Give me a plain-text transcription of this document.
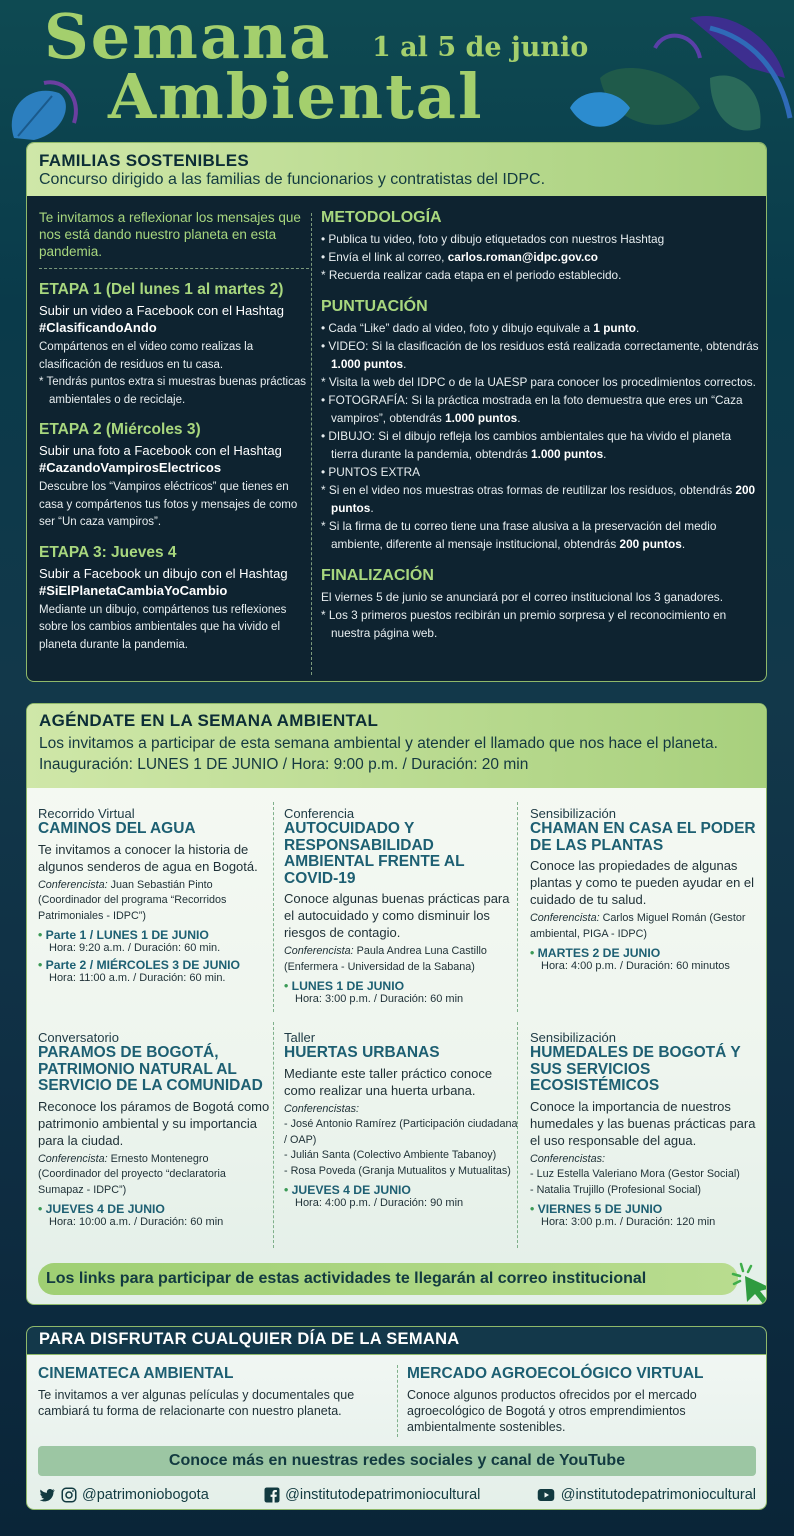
Semana 1 al 5 de junio
Ambiental
FAMILIAS SOSTENIBLES

Concurso dirigido a las familias de funcionarios y contratistas del IDPC.

Te invitamos a reflexionar los mensajes que nos está dando nuestro planeta en esta pandemia.
ETAPA 1 (Del lunes 1 al martes 2)
Subir un video a Facebook con el Hashtag #ClasificandoAndo
Compártenos en el video como realizas la clasificación de residuos en tu casa.
* Tendrás puntos extra si muestras buenas prácticas ambientales o de reciclaje.
ETAPA 2 (Miércoles 3)
Subir una foto a Facebook con el Hashtag #CazandoVampirosElectricos
Descubre los “Vampiros eléctricos” que tienes en casa y compártenos tus fotos y mensajes de como ser “Un caza vampiros”.
ETAPA 3: Jueves 4
Subir a Facebook un dibujo con el Hashtag #SiElPlanetaCambiaYoCambio
Mediante un dibujo, compártenos tus reflexiones sobre los cambios ambientales que ha vivido el planeta durante la pandemia.
METODOLOGÍA
• Publica tu video, foto y dibujo etiquetados con nuestros Hashtag
• Envía el link al correo, carlos.roman@idpc.gov.co
* Recuerda realizar cada etapa en el periodo establecido.
PUNTUACIÓN
• Cada “Like” dado al video, foto y dibujo equivale a 1 punto.
• VIDEO: Si la clasificación de los residuos está realizada correctamente, obtendrás 1.000 puntos.
* Visita la web del IDPC o de la UAESP para conocer los procedimientos correctos.
• FOTOGRAFÍA: Si la práctica mostrada en la foto demuestra que eres un “Caza vampiros”, obtendrás 1.000 puntos.
• DIBUJO: Si el dibujo refleja los cambios ambientales que ha vivido el planeta tierra durante la pandemia, obtendrás 1.000 puntos.
• PUNTOS EXTRA
* Si en el video nos muestras otras formas de reutilizar los residuos, obtendrás 200 puntos.
* Si la firma de tu correo tiene una frase alusiva a la preservación del medio ambiente, diferente al mensaje institucional, obtendrás 200 puntos.
FINALIZACIÓN
El viernes 5 de junio se anunciará por el correo institucional los 3 ganadores.
* Los 3 primeros puestos recibirán un premio sorpresa y el reconocimiento en nuestra página web.
AGÉNDATE EN LA SEMANA AMBIENTAL

Los invitamos a participar de esta semana ambiental y atender el llamado que nos hace el planeta.

Inauguración: LUNES 1 DE JUNIO / Hora: 9:00 p.m. / Duración: 20 min

Recorrido Virtual
CAMINOS DEL AGUA
Te invitamos a conocer la historia de algunos senderos de agua en Bogotá.
Conferencista: Juan Sebastián Pinto (Coordinador del programa “Recorridos Patrimoniales - IDPC”)
• Parte 1 / LUNES 1 DE JUNIO
Hora: 9:20 a.m. / Duración: 60 min.
• Parte 2 / MIÉRCOLES 3 DE JUNIO
Hora: 11:00 a.m. / Duración: 60 min.
Conferencia
AUTOCUIDADO Y RESPONSABILIDAD AMBIENTAL FRENTE AL COVID-19
Conoce algunas buenas prácticas para el autocuidado y como disminuir los riesgos de contagio.
Conferencista: Paula Andrea Luna Castillo (Enfermera - Universidad de la Sabana)
• LUNES 1 DE JUNIO
Hora: 3:00 p.m. / Duración: 60 min
Sensibilización
CHAMAN EN CASA EL PODER DE LAS PLANTAS
Conoce las propiedades de algunas plantas y como te pueden ayudar en el cuidado de tu salud.
Conferencista: Carlos Miguel Román (Gestor ambiental, PIGA - IDPC)
• MARTES 2 DE JUNIO
Hora: 4:00 p.m. / Duración: 60 minutos
Conversatorio
PARAMOS DE BOGOTÁ, PATRIMONIO NATURAL AL SERVICIO DE LA COMUNIDAD
Reconoce los páramos de Bogotá como patrimonio ambiental y su importancia para la ciudad.
Conferencista: Ernesto Montenegro (Coordinador del proyecto “declaratoria Sumapaz - IDPC”)
• JUEVES 4 DE JUNIO
Hora: 10:00 a.m. / Duración: 60 min
Taller
HUERTAS URBANAS
Mediante este taller práctico conoce como realizar una huerta urbana.
Conferencistas:
- José Antonio Ramírez (Participación ciudadana / OAP)
- Julián Santa (Colectivo Ambiente Tabanoy)
- Rosa Poveda (Granja Mutualitos y Mutualitas)
• JUEVES 4 DE JUNIO
Hora: 4:00 p.m. / Duración: 90 min
Sensibilización
HUMEDALES DE BOGOTÁ Y SUS SERVICIOS ECOSISTÉMICOS
Conoce la importancia de nuestros humedales y las buenas prácticas para el uso responsable del agua.
Conferencistas:
- Luz Estella Valeriano Mora (Gestor Social)
- Natalia Trujillo (Profesional Social)
• VIERNES 5 DE JUNIO
Hora: 3:00 p.m. / Duración: 120 min
Los links para participar de estas actividades te llegarán al correo institucional
PARA DISFRUTAR CUALQUIER DÍA DE LA SEMANA
CINEMATECA AMBIENTAL

Te invitamos a ver algunas películas y documentales que cambiará tu forma de relacionarte con nuestro planeta.

MERCADO AGROECOLÓGICO VIRTUAL

Conoce algunos productos ofrecidos por el mercado agroecológico de Bogotá y otros emprendimientos ambientalmente sostenibles.

Conoce más en nuestras redes sociales y canal de YouTube
@patrimoniobogota	@institutodepatrimoniocultural	@institutodepatrimoniocultural
